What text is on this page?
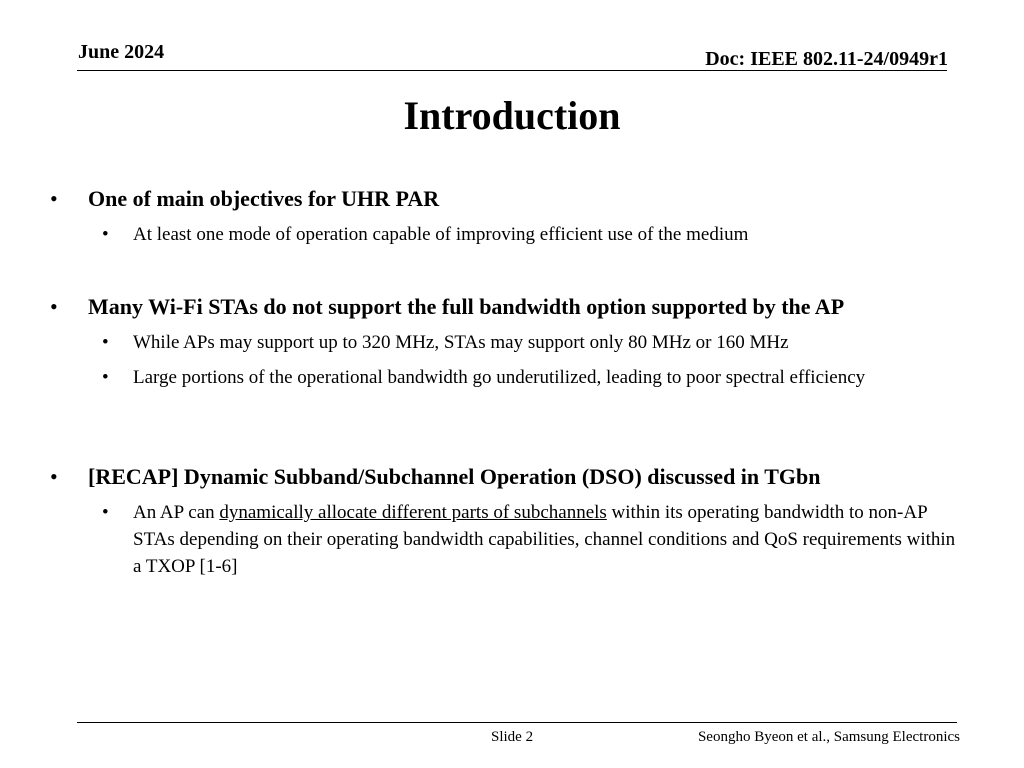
June 2024	Doc: IEEE 802.11-24/0949r1
Introduction
• One of main objectives for UHR PAR
• At least one mode of operation capable of improving efficient use of the medium
• Many Wi-Fi STAs do not support the full bandwidth option supported by the AP
• While APs may support up to 320 MHz, STAs may support only 80 MHz or 160 MHz
• Large portions of the operational bandwidth go underutilized, leading to poor spectral efficiency
• [RECAP] Dynamic Subband/Subchannel Operation (DSO) discussed in TGbn
• An AP can dynamically allocate different parts of subchannels within its operating bandwidth to non-AP STAs depending on their operating bandwidth capabilities, channel conditions and QoS requirements within a TXOP [1-6]
Slide 2	Seongho Byeon et al., Samsung Electronics
